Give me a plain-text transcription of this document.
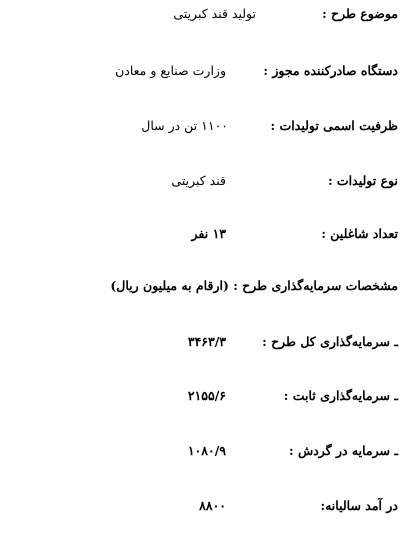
موضوع طرح :
تولید قند کبریتی
دستگاه صادرکننده مجوز :
وزارت صنایع و معادن
ظرفیت اسمی تولیدات :
۱۱۰۰ تن در سال
نوع تولیدات :
قند کبریتی
تعداد شاغلین :
۱۳ نفر
مشخصات سرمایه‌گذاری طرح : (ارقام به میلیون ریال)
ـ سرمایه‌گذاری کل طرح :
۳۴۶۳/۳
ـ سرمایه‌گذاری ثابت :
۲۱۵۵/۶
ـ سرمایه در گردش :
۱۰۸۰/۹
در آمد سالیانه:
۸۸۰۰
